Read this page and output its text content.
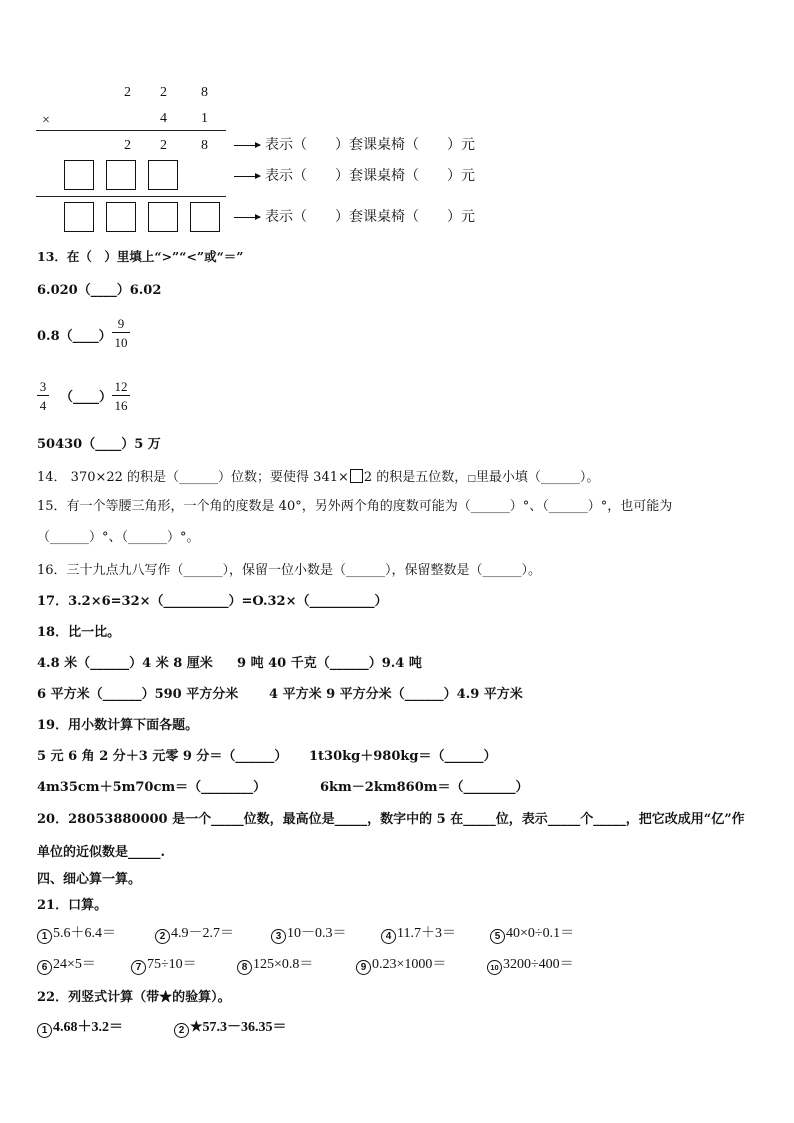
2 2 8
×	4 1
2 2 8	表示（　　）套课桌椅（　　）元
表示（　　）套课桌椅（　　）元
表示（　　）套课桌椅（　　）元
13．在（　）里填上“>”“<”或“＝”
6.020（____）6.02
0.8（____）
9
10
3
4
（____）
12
16
50430（____）5 万
14． 370×22 的积是（______）位数；要使得 341× 2 的积是五位数，□里最小填（______）。
15．有一个等腰三角形，一个角的度数是 40°，另外两个角的度数可能为（______）°、（______）°，也可能为
（______）°、（______）°。
16．三十九点九八写作（______），保留一位小数是（______），保留整数是（______）。
17．3.2×6=32×（__________）=O.32×（__________）
18．比一比。
4.8 米（______）4 米 8 厘米 9 吨 40 千克（______）9.4 吨
6 平方米（______）590 平方分米 4 平方米 9 平方分米（______）4.9 平方米
19．用小数计算下面各题。
5 元 6 角 2 分＋3 元零 9 分＝（______） 1t30kg＋980kg＝（______）
4m35cm＋5m70cm＝（________）	6km－2km860m＝（________）
20．28053880000 是一个_____位数，最高位是_____，数字中的 5 在_____位，表示_____个_____，把它改成用“亿”作
单位的近似数是_____.
四、细心算一算。
21．口算。
1 5.6＋6.4＝	2 4.9－2.7＝	3 10－0.3＝	4 11.7＋3＝	5 40×0÷0.1＝
6 24×5＝	7 75÷10＝	8 125×0.8＝	9 0.23×1000＝	10 3200÷400＝
22．列竖式计算（带★的验算）。
1 4.68＋3.2＝	2 ★57.3－36.35＝
